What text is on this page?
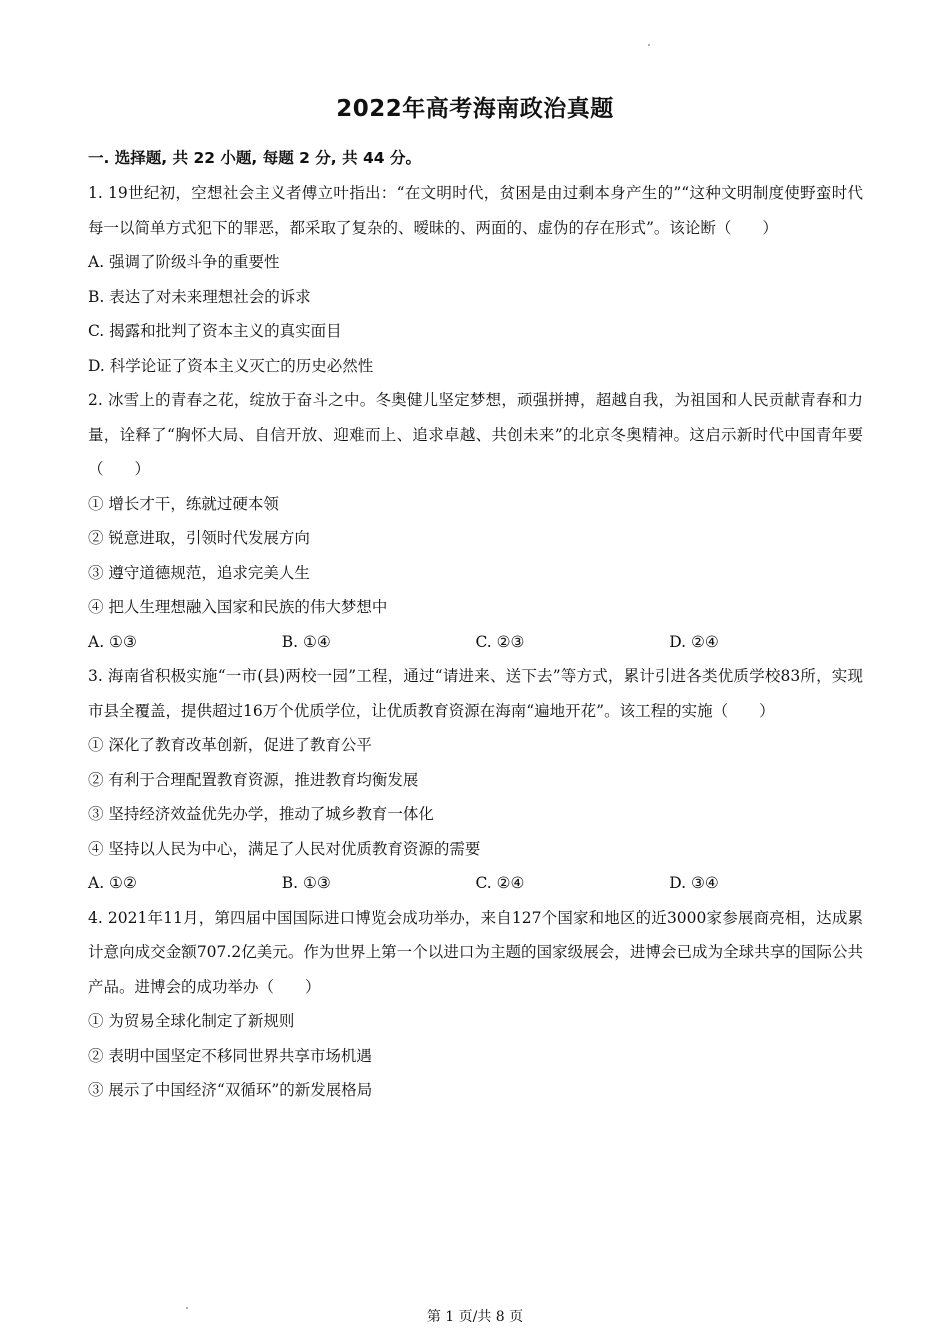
2022年高考海南政治真题
一. 选择题, 共 22 小题, 每题 2 分, 共 44 分。

1. 19世纪初，空想社会主义者傅立叶指出：“在文明时代，贫困是由过剩本身产生的”“这种文明制度使野蛮时代每一以简单方式犯下的罪恶，都采取了复杂的、暧昧的、两面的、虚伪的存在形式”。该论断（　　）

A. 强调了阶级斗争的重要性

B. 表达了对未来理想社会的诉求

C. 揭露和批判了资本主义的真实面目

D. 科学论证了资本主义灭亡的历史必然性

2. 冰雪上的青春之花，绽放于奋斗之中。冬奥健儿坚定梦想，顽强拼搏，超越自我，为祖国和人民贡献青春和力量，诠释了“胸怀大局、自信开放、迎难而上、追求卓越、共创未来”的北京冬奥精神。这启示新时代中国青年要（　　）

① 增长才干，练就过硬本领

② 锐意进取，引领时代发展方向

③ 遵守道德规范，追求完美人生

④ 把人生理想融入国家和民族的伟大梦想中

A. ①③	B. ①④	C. ②③	D. ②④

3. 海南省积极实施“一市(县)两校一园”工程，通过“请进来、送下去”等方式，累计引进各类优质学校83所，实现市县全覆盖，提供超过16万个优质学位，让优质教育资源在海南“遍地开花”。该工程的实施（　　）

① 深化了教育改革创新，促进了教育公平

② 有利于合理配置教育资源，推进教育均衡发展

③ 坚持经济效益优先办学，推动了城乡教育一体化

④ 坚持以人民为中心，满足了人民对优质教育资源的需要

A. ①②	B. ①③	C. ②④	D. ③④

4. 2021年11月，第四届中国国际进口博览会成功举办，来自127个国家和地区的近3000家参展商亮相，达成累计意向成交金额707.2亿美元。作为世界上第一个以进口为主题的国家级展会，进博会已成为全球共享的国际公共产品。进博会的成功举办（　　）

① 为贸易全球化制定了新规则

② 表明中国坚定不移同世界共享市场机遇

③ 展示了中国经济“双循环”的新发展格局

第 1 页/共 8 页
